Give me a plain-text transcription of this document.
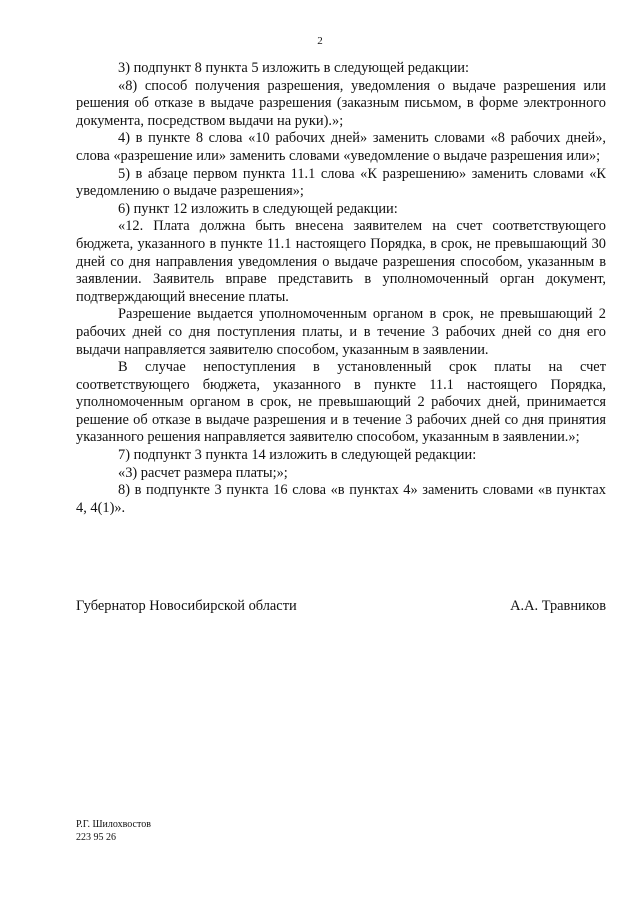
2

3) подпункт 8 пункта 5 изложить в следующей редакции:

«8) способ получения разрешения, уведомления о выдаче разрешения или решения об отказе в выдаче разрешения (заказным письмом, в форме электронного документа, посредством выдачи на руки).»;

4) в пункте 8 слова «10 рабочих дней» заменить словами «8 рабочих дней», слова «разрешение или» заменить словами «уведомление о выдаче разрешения или»;

5) в абзаце первом пункта 11.1 слова «К разрешению» заменить словами «К уведомлению о выдаче разрешения»;

6) пункт 12 изложить в следующей редакции:

«12. Плата должна быть внесена заявителем на счет соответствующего бюджета, указанного в пункте 11.1 настоящего Порядка, в срок, не превышающий 30 дней со дня направления уведомления о выдаче разрешения способом, указанным в заявлении. Заявитель вправе представить в уполномоченный орган документ, подтверждающий внесение платы.

Разрешение выдается уполномоченным органом в срок, не превышающий 2 рабочих дней со дня поступления платы, и в течение 3 рабочих дней со дня его выдачи направляется заявителю способом, указанным в заявлении.

В случае непоступления в установленный срок платы на счет соответствующего бюджета, указанного в пункте 11.1 настоящего Порядка, уполномоченным органом в срок, не превышающий 2 рабочих дней, принимается решение об отказе в выдаче разрешения и в течение 3 рабочих дней со дня принятия указанного решения направляется заявителю способом, указанным в заявлении.»;

7) подпункт 3 пункта 14 изложить в следующей редакции:

«3) расчет размера платы;»;

8) в подпункте 3 пункта 16 слова «в пунктах 4» заменить словами «в пунктах 4, 4(1)».

Губернатор Новосибирской области	А.А. Травников
Р.Г. Шилохвостов
223 95 26
